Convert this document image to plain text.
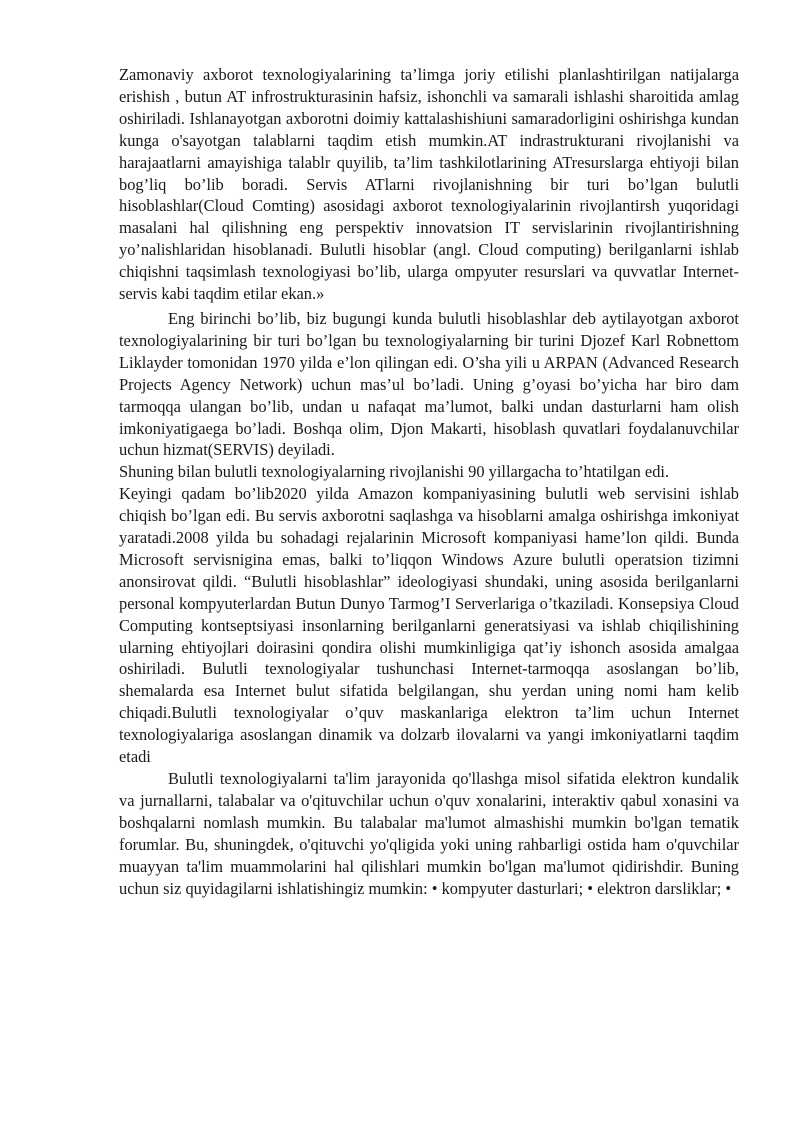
Zamonaviy axborot texnologiyalarining ta’limga joriy etilishi planlashtirilgan natijalarga erishish , butun AT infrostrukturasinin hafsiz, ishonchli va samarali ishlashi sharoitida amlag oshiriladi. Ishlanayotgan axborotni doimiy kattalashishiuni samaradorligini oshirishga kundan kunga o'sayotgan talablarni taqdim etish mumkin.AT indrastrukturani rivojlanishi va harajaatlarni amayishiga talablr quyilib, ta’lim tashkilotlarining ATresurslarga ehtiyoji bilan bog’liq bo’lib boradi. Servis ATlarni rivojlanishning bir turi bo’lgan bulutli hisoblashlar(Cloud Comting) asosidagi axborot texnologiyalarinin rivojlantirsh yuqoridagi masalani hal qilishning eng perspektiv innovatsion IT servislarinin rivojlantirishning yo’nalishlaridan hisoblanadi. Bulutli hisoblar (angl. Cloud computing) berilganlarni ishlab chiqishni taqsimlash texnologiyasi bo’lib, ularga ompyuter resurslari va quvvatlar Internet-servis kabi taqdim etilar ekan.»

Eng birinchi bo’lib, biz bugungi kunda bulutli hisoblashlar deb aytilayotgan axborot texnologiyalarining bir turi bo’lgan bu texnologiyalarning bir turini Djozef Karl Robnettom Liklayder tomonidan 1970 yilda e’lon qilingan edi. O’sha yili u ARPAN (Advanced Research Projects Agency Network) uchun mas’ul bo’ladi. Uning g’oyasi bo’yicha har biro dam tarmoqqa ulangan bo’lib, undan u nafaqat ma’lumot, balki undan dasturlarni ham olish imkoniyatigaega bo’ladi. Boshqa olim, Djon Makarti, hisoblash quvatlari foydalanuvchilar uchun hizmat(SERVIS) deyiladi.

Shuning bilan bulutli texnologiyalarning rivojlanishi 90 yillargacha to’htatilgan edi.

Keyingi qadam bo’lib2020 yilda Amazon kompaniyasining bulutli web servisini ishlab chiqish bo’lgan edi. Bu servis axborotni saqlashga va hisoblarni amalga oshirishga imkoniyat yaratadi.2008 yilda bu sohadagi rejalarinin Microsoft kompaniyasi hame’lon qildi. Bunda Microsoft servisnigina emas, balki to’liqqon Windows Azure bulutli operatsion tizimni anonsirovat qildi. “Bulutli hisoblashlar” ideologiyasi shundaki, uning asosida berilganlarni personal kompyuterlardan Butun Dunyo Tarmog’I Serverlariga o’tkaziladi. Konsepsiya Cloud Computing kontseptsiyasi insonlarning berilganlarni generatsiyasi va ishlab chiqilishining ularning ehtiyojlari doirasini qondira olishi mumkinligiga qat’iy ishonch asosida amalgaa oshiriladi. Bulutli texnologiyalar tushunchasi Internet-tarmoqqa asoslangan bo’lib, shemalarda esa Internet bulut sifatida belgilangan, shu yerdan uning nomi ham kelib chiqadi.Bulutli texnologiyalar o’quv maskanlariga elektron ta’lim uchun Internet texnologiyalariga asoslangan dinamik va dolzarb ilovalarni va yangi imkoniyatlarni taqdim etadi

Bulutli texnologiyalarni ta'lim jarayonida qo'llashga misol sifatida elektron kundalik va jurnallarni, talabalar va o'qituvchilar uchun o'quv xonalarini, interaktiv qabul xonasini va boshqalarni nomlash mumkin. Bu talabalar ma'lumot almashishi mumkin bo'lgan tematik forumlar. Bu, shuningdek, o'qituvchi yo'qligida yoki uning rahbarligi ostida ham o'quvchilar muayyan ta'lim muammolarini hal qilishlari mumkin bo'lgan ma'lumot qidirishdir. Buning uchun siz quyidagilarni ishlatishingiz mumkin: • kompyuter dasturlari; • elektron darsliklar; •
